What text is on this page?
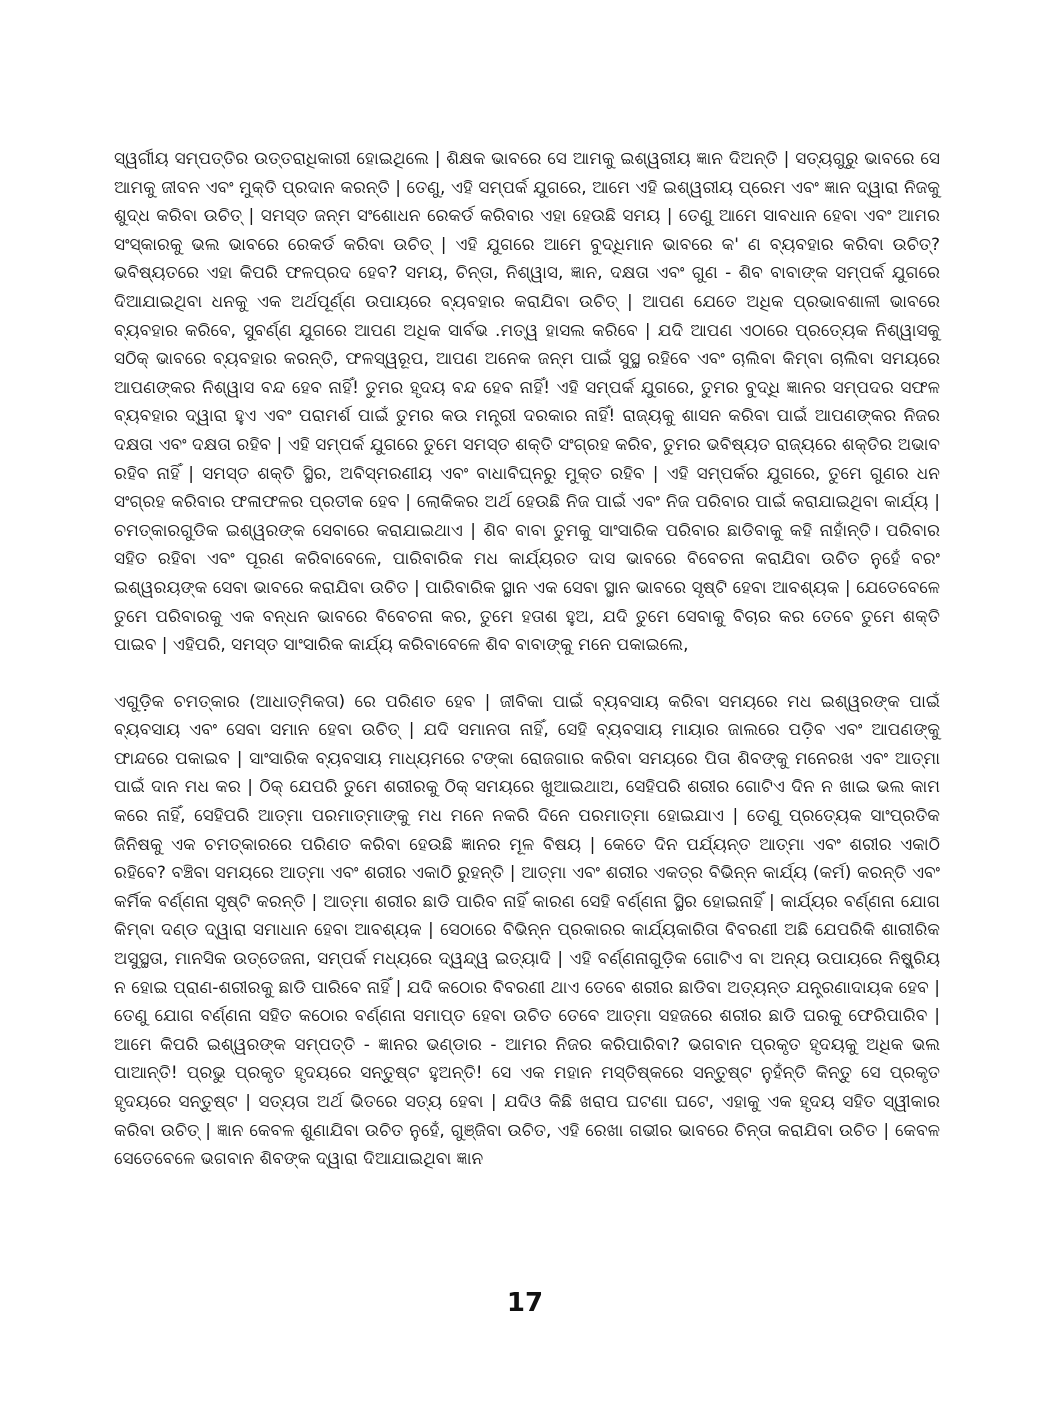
ସ୍ୱର୍ଗୀୟ ସମ୍ପତ୍ତିର ଉତ୍ତରାଧିକାରୀ ହୋଇଥିଲେ | ଶିକ୍ଷକ ଭାବରେ ସେ ଆମକୁ ଇଶ୍ୱରୀୟ ଜ୍ଞାନ ଦିଅନ୍ତି | ସତ୍ୟଗୁରୁ ଭାବରେ ସେ ଆମକୁ ଜୀବନ ଏବଂ ମୁକ୍ତି ପ୍ରଦାନ କରନ୍ତି | ତେଣୁ, ଏହି ସମ୍ପର୍କ ଯୁଗରେ, ଆମେ ଏହି ଇଶ୍ୱରୀୟ ପ୍ରେମ ଏବଂ ଜ୍ଞାନ ଦ୍ୱାରା ନିଜକୁ ଶୁଦ୍ଧ କରିବା ଉଚିତ୍ | ସମସ୍ତ ଜନ୍ମ ସଂଶୋଧନ ରେକର୍ଡ କରିବାର ଏହା ହେଉଛି ସମୟ | ତେଣୁ ଆମେ ସାବଧାନ ହେବା ଏବଂ ଆମର ସଂସ୍କାରକୁ ଭଲ ଭାବରେ ରେକର୍ଡ କରିବା ଉଚିତ୍ | ଏହି ଯୁଗରେ ଆମେ ବୁଦ୍ଧିମାନ ଭାବରେ କ' ଣ ବ୍ୟବହାର କରିବା ଉଚିତ୍? ଭବିଷ୍ୟତରେ ଏହା କିପରି ଫଳପ୍ରଦ ହେବ? ସମୟ, ଚିନ୍ତା, ନିଶ୍ୱାସ, ଜ୍ଞାନ, ଦକ୍ଷତା ଏବଂ ଗୁଣ - ଶିବ ବାବାଙ୍କ ସମ୍ପର୍କ ଯୁଗରେ ଦିଆଯାଇଥିବା ଧନକୁ ଏକ ଅର୍ଥପୂର୍ଣ୍ଣ ଉପାୟରେ ବ୍ୟବହାର କରାଯିବା ଉଚିତ୍ | ଆପଣ ଯେତେ ଅଧିକ ପ୍ରଭାବଶାଳୀ ଭାବରେ ବ୍ୟବହାର କରିବେ, ସୁବର୍ଣ୍ଣ ଯୁଗରେ ଆପଣ ଅଧିକ ସାର୍ବଭ .ମତ୍ୱ ହାସଲ କରିବେ | ଯଦି ଆପଣ ଏଠାରେ ପ୍ରତ୍ୟେକ ନିଶ୍ୱାସକୁ ସଠିକ୍ ଭାବରେ ବ୍ୟବହାର କରନ୍ତି, ଫଳସ୍ୱରୂପ, ଆପଣ ଅନେକ ଜନ୍ମ ପାଇଁ ସୁସ୍ଥ ରହିବେ ଏବଂ ଚାଲିବା କିମ୍ବା ଚାଲିବା ସମୟରେ ଆପଣଙ୍କର ନିଶ୍ୱାସ ବନ୍ଦ ହେବ ନାହିଁ! ତୁମର ହୃଦୟ ବନ୍ଦ ହେବ ନାହିଁ! ଏହି ସମ୍ପର୍କ ଯୁଗରେ, ତୁମର ବୁଦ୍ଧି ଜ୍ଞାନର ସମ୍ପଦର ସଫଳ ବ୍ୟବହାର ଦ୍ୱାରା ହୁଏ ଏବଂ ପରାମର୍ଶ ପାଇଁ ତୁମର କଉ ମନ୍ତ୍ରୀ ଦରକାର ନାହିଁ! ରାଜ୍ୟକୁ ଶାସନ କରିବା ପାଇଁ ଆପଣଙ୍କର ନିଜର ଦକ୍ଷତା ଏବଂ ଦକ୍ଷତା ରହିବ | ଏହି ସମ୍ପର୍କ ଯୁଗରେ ତୁମେ ସମସ୍ତ ଶକ୍ତି ସଂଗ୍ରହ କରିବ, ତୁମର ଭବିଷ୍ୟତ ରାଜ୍ୟରେ ଶକ୍ତିର ଅଭାବ ରହିବ ନାହିଁ | ସମସ୍ତ ଶକ୍ତି ସ୍ଥିର, ଅବିସ୍ମରଣୀୟ ଏବଂ ବାଧାବିଘ୍ନରୁ ମୁକ୍ତ ରହିବ | ଏହି ସମ୍ପର୍କର ଯୁଗରେ, ତୁମେ ଗୁଣର ଧନ ସଂଗ୍ରହ କରିବାର ଫଳାଫଳର ପ୍ରତୀକ ହେବ | ଲୋକିକର ଅର୍ଥ ହେଉଛି ନିଜ ପାଇଁ ଏବଂ ନିଜ ପରିବାର ପାଇଁ କରାଯାଇଥିବା କାର୍ଯ୍ୟ | ଚମତ୍କାରଗୁଡିକ ଇଶ୍ୱରଙ୍କ ସେବାରେ କରାଯାଇଥାଏ | ଶିବ ବାବା ତୁମକୁ ସାଂସାରିକ ପରିବାର ଛାଡିବାକୁ କହି ନାହାଁନ୍ତି। ପରିବାର ସହିତ ରହିବା ଏବଂ ପୂରଣ କରିବାବେଳେ, ପାରିବାରିକ ମଧ କାର୍ଯ୍ୟରତ ଦାସ ଭାବରେ ବିବେଚନା କରାଯିବା ଉଚିତ ନୁହେଁ ବରଂ ଇଶ୍ୱରୟଙ୍କ ସେବା ଭାବରେ କରାଯିବା ଉଚିତ | ପାରିବାରିକ ସ୍ଥାନ ଏକ ସେବା ସ୍ଥାନ ଭାବରେ ସୃଷ୍ଟି ହେବା ଆବଶ୍ୟକ | ଯେତେବେଳେ ତୁମେ ପରିବାରକୁ ଏକ ବନ୍ଧନ ଭାବରେ ବିବେଚନା କର, ତୁମେ ହତାଶ ହୁଅ, ଯଦି ତୁମେ ସେବାକୁ ବିଚାର କର ତେବେ ତୁମେ ଶକ୍ତି ପାଇବ | ଏହିପରି, ସମସ୍ତ ସାଂସାରିକ କାର୍ଯ୍ୟ କରିବାବେଳେ ଶିବ ବାବାଙ୍କୁ ମନେ ପକାଇଲେ,

ଏଗୁଡ଼ିକ ଚମତ୍କାର (ଆଧାତ୍ମିକତା) ରେ ପରିଣତ ହେବ | ଜୀବିକା ପାଇଁ ବ୍ୟବସାୟ କରିବା ସମୟରେ ମଧ ଇଶ୍ୱରଙ୍କ ପାଇଁ ବ୍ୟବସାୟ ଏବଂ ସେବା ସମାନ ହେବା ଉଚିତ୍ | ଯଦି ସମାନତା ନାହିଁ, ସେହି ବ୍ୟବସାୟ ମାୟାର ଜାଲରେ ପଡ଼ିବ ଏବଂ ଆପଣଙ୍କୁ ଫାନ୍ଦରେ ପକାଇବ | ସାଂସାରିକ ବ୍ୟବସାୟ ମାଧ୍ୟମରେ ଟଙ୍କା ରୋଜଗାର କରିବା ସମୟରେ ପିତା ଶିବଙ୍କୁ ମନେରଖ ଏବଂ ଆତ୍ମା ପାଇଁ ଦାନ ମଧ କର | ଠିକ୍ ଯେପରି ତୁମେ ଶରୀରକୁ ଠିକ୍ ସମୟରେ ଖୁଆଇଥାଅ, ସେହିପରି ଶରୀର ଗୋଟିଏ ଦିନ ନ ଖାଇ ଭଲ କାମ କରେ ନାହିଁ, ସେହିପରି ଆତ୍ମା ପରମାତ୍ମାଙ୍କୁ ମଧ ମନେ ନକରି ଦିନେ ପରମାତ୍ମା ହୋଇଯାଏ | ତେଣୁ ପ୍ରତ୍ୟେକ ସାଂପ୍ରତିକ ଜିନିଷକୁ ଏକ ଚମତ୍କାରରେ ପରିଣତ କରିବା ହେଉଛି ଜ୍ଞାନର ମୂଳ ବିଷୟ | କେତେ ଦିନ ପର୍ଯ୍ୟନ୍ତ ଆତ୍ମା ଏବଂ ଶରୀର ଏକାଠି ରହିବେ? ବଞ୍ଚିବା ସମୟରେ ଆତ୍ମା ଏବଂ ଶରୀର ଏକାଠି ରୁହନ୍ତି | ଆତ୍ମା ଏବଂ ଶରୀର ଏକତ୍ର ବିଭିନ୍ନ କାର୍ଯ୍ୟ (କର୍ମ) କରନ୍ତି ଏବଂ କର୍ମିକ ବର୍ଣ୍ଣନା ସୃଷ୍ଟି କରନ୍ତି | ଆତ୍ମା ଶରୀର ଛାଡି ପାରିବ ନାହିଁ କାରଣ ସେହି ବର୍ଣ୍ଣନା ସ୍ଥିର ହୋଇନାହିଁ | କାର୍ଯ୍ୟର ବର୍ଣ୍ଣନା ଯୋଗ କିମ୍ବା ଦଣ୍ଡ ଦ୍ୱାରା ସମାଧାନ ହେବା ଆବଶ୍ୟକ | ସେଠାରେ ବିଭିନ୍ନ ପ୍ରକାରର କାର୍ଯ୍ୟକାରିତା ବିବରଣୀ ଅଛି ଯେପରିକି ଶାରୀରିକ ଅସୁସ୍ଥତା, ମାନସିକ ଉତ୍ତେଜନା, ସମ୍ପର୍କ ମଧ୍ୟରେ ଦ୍ୱନ୍ଦ୍ୱ ଇତ୍ୟାଦି | ଏହି ବର୍ଣ୍ଣନାଗୁଡ଼ିକ ଗୋଟିଏ ବା ଅନ୍ୟ ଉପାୟରେ ନିଷ୍କ୍ରିୟ ନ ହୋଇ ପ୍ରାଣ-ଶରୀରକୁ ଛାଡି ପାରିବେ ନାହିଁ | ଯଦି କଠୋର ବିବରଣୀ ଥାଏ ତେବେ ଶରୀର ଛାଡିବା ଅତ୍ୟନ୍ତ ଯନ୍ତ୍ରଣାଦାୟକ ହେବ | ତେଣୁ ଯୋଗ ବର୍ଣ୍ଣନା ସହିତ କଠୋର ବର୍ଣ୍ଣନା ସମାପ୍ତ ହେବା ଉଚିତ ତେବେ ଆତ୍ମା ସହଜରେ ଶରୀର ଛାଡି ଘରକୁ ଫେରିପାରିବ | ଆମେ କିପରି ଇଶ୍ୱରଙ୍କ ସମ୍ପତ୍ତି - ଜ୍ଞାନର ଭଣ୍ଡାର - ଆମର ନିଜର କରିପାରିବା? ଭଗବାନ ପ୍ରକୃତ ହୃଦୟକୁ ଅଧିକ ଭଲ ପାଆନ୍ତି! ପ୍ରଭୁ ପ୍ରକୃତ ହୃଦୟରେ ସନ୍ତୁଷ୍ଟ ହୁଅନ୍ତି! ସେ ଏକ ମହାନ ମସ୍ତିଷ୍କରେ ସନ୍ତୁଷ୍ଟ ନୁହଁନ୍ତି କିନ୍ତୁ ସେ ପ୍ରକୃତ ହୃଦୟରେ ସନ୍ତୁଷ୍ଟ | ସତ୍ୟତା ଅର୍ଥ ଭିତରେ ସତ୍ୟ ହେବା | ଯଦିଓ କିଛି ଖରାପ ଘଟଣା ଘଟେ, ଏହାକୁ ଏକ ହୃଦୟ ସହିତ ସ୍ୱୀକାର କରିବା ଉଚିତ୍ | ଜ୍ଞାନ କେବଳ ଶୁଣାଯିବା ଉଚିତ ନୁହେଁ, ଗୁଞ୍ଜିବା ଉଚିତ, ଏହି ରେଖା ଗଭୀର ଭାବରେ ଚିନ୍ତା କରାଯିବା ଉଚିତ | କେବଳ ସେତେବେଳେ ଭଗବାନ ଶିବଙ୍କ ଦ୍ୱାରା ଦିଆଯାଇଥିବା ଜ୍ଞାନ

17
